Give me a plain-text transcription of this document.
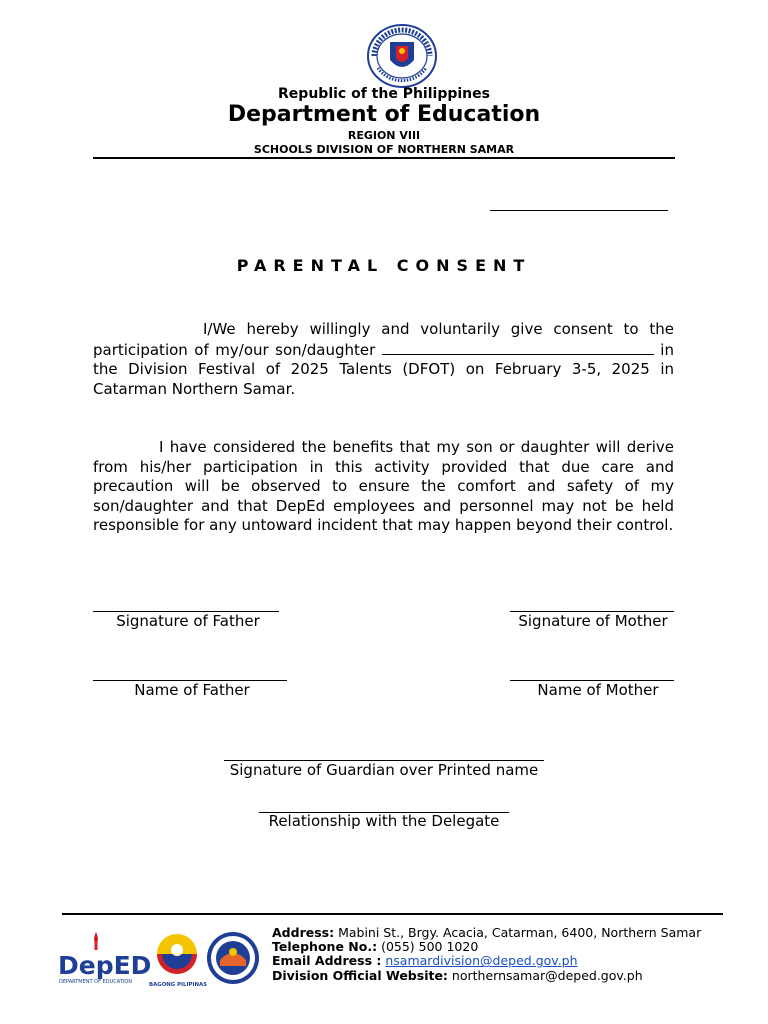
Republic of the Philippines
Department of Education
REGION VIII
SCHOOLS DIVISION OF NORTHERN SAMAR
PARENTAL CONSENT
I/We hereby willingly and voluntarily give consent to the participation of my/our son/daughter	in the Division Festival of 2025 Talents (DFOT) on February 3-5, 2025 in Catarman Northern Samar.
I have considered the benefits that my son or daughter will derive from his/her participation in this activity provided that due care and precaution will be observed to ensure the comfort and safety of my son/daughter and that DepEd employees and personnel may not be held responsible for any untoward incident that may happen beyond their control.
Signature of Father	Signature of Mother
Name of Father	Name of Mother
Signature of Guardian over Printed name
Relationship with the Delegate
DepED
DEPARTMENT OF EDUCATION	BAGONG PILIPINAS
Address: Mabini St., Brgy. Acacia, Catarman, 6400, Northern Samar
Telephone No.: (055) 500 1020
Email Address : nsamardivision@deped.gov.ph
Division Official Website: northernsamar@deped.gov.ph
